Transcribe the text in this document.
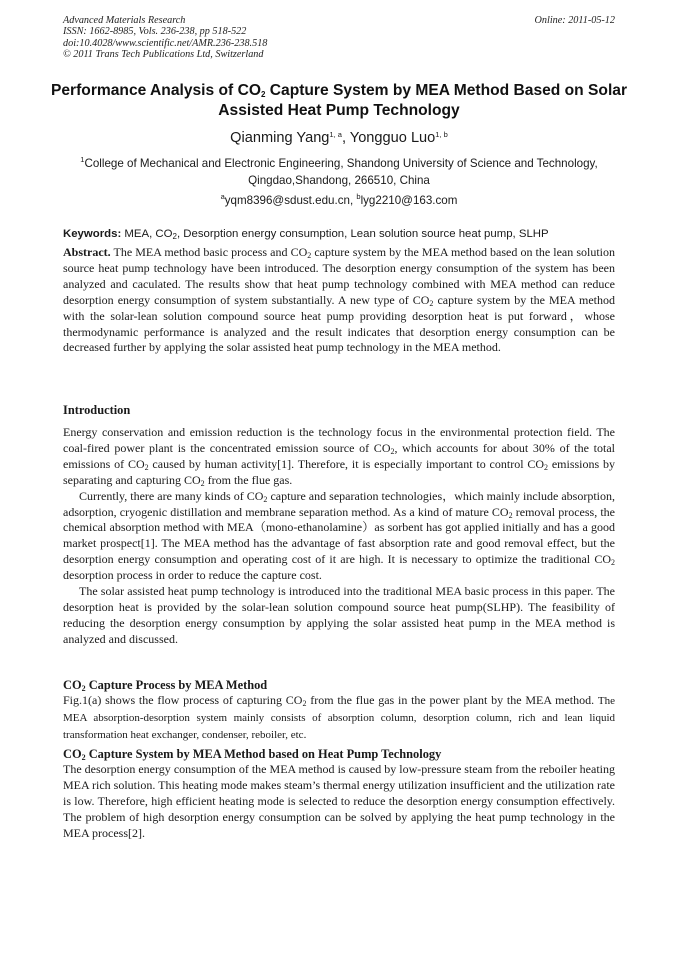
Advanced Materials Research
ISSN: 1662-8985, Vols. 236-238, pp 518-522
doi:10.4028/www.scientific.net/AMR.236-238.518
© 2011 Trans Tech Publications Ltd, Switzerland
Online: 2011-05-12
Performance Analysis of $CO_2$ Capture System by MEA Method Based on Solar Assisted Heat Pump Technology
Qianming Yang$^{1, a}$, Yongguo Luo$^{1, b}$
$^1$College of Mechanical and Electronic Engineering, Shandong University of Science and Technology, Qingdao,Shandong, 266510, China
$^a$yqm8396@sdust.edu.cn, $^b$lyg2210@163.com
Keywords: MEA, $CO_2$, Desorption energy consumption, Lean solution source heat pump, SLHP

Abstract. The MEA method basic process and $CO_2$ capture system by the MEA method based on the lean solution source heat pump technology have been introduced. The desorption energy consumption of the system has been analyzed and caculated. The results show that heat pump technology combined with MEA method can reduce desorption energy consumption of system substantially. A new type of $CO_2$ capture system by the MEA method with the solar-lean solution compound source heat pump providing desorption heat is put forward，whose thermodynamic performance is analyzed and the result indicates that desorption energy consumption can be decreased further by applying the solar assisted heat pump technology in the MEA method.

Introduction

Energy conservation and emission reduction is the technology focus in the environmental protection field. The coal-fired power plant is the concentrated emission source of $CO_2$, which accounts for about 30% of the total emissions of $CO_2$ caused by human activity[1]. Therefore, it is especially important to control $CO_2$ emissions by separating and capturing $CO_2$ from the flue gas.

Currently, there are many kinds of $CO_2$ capture and separation technologies，which mainly include absorption, adsorption, cryogenic distillation and membrane separation method. As a kind of mature $CO_2$ removal process, the chemical absorption method with MEA（mono-ethanolamine）as sorbent has got applied initially and has a good market prospect[1]. The MEA method has the advantage of fast absorption rate and good removal effect, but the desorption energy consumption and operating cost of it are high. It is necessary to optimize the traditional $CO_2$ desorption process in order to reduce the capture cost.

The solar assisted heat pump technology is introduced into the traditional MEA basic process in this paper. The desorption heat is provided by the solar-lean solution compound source heat pump(SLHP). The feasibility of reducing the desorption energy consumption by applying the solar assisted heat pump in the MEA method is analyzed and discussed.

$CO_2$ Capture Process by MEA Method

Fig.1(a) shows the flow process of capturing $CO_2$ from the flue gas in the power plant by the MEA method. The MEA absorption-desorption system mainly consists of absorption column, desorption column, rich and lean liquid transformation heat exchanger, condenser, reboiler, etc.

$CO_2$ Capture System by MEA Method based on Heat Pump Technology

The desorption energy consumption of the MEA method is caused by low-pressure steam from the reboiler heating MEA rich solution. This heating mode makes steam’s thermal energy utilization insufficient and the utilization rate is low. Therefore, high efficient heating mode is selected to reduce the desorption energy consumption effectively. The problem of high desorption energy consumption can be solved by applying the heat pump technology in the MEA process[2].
